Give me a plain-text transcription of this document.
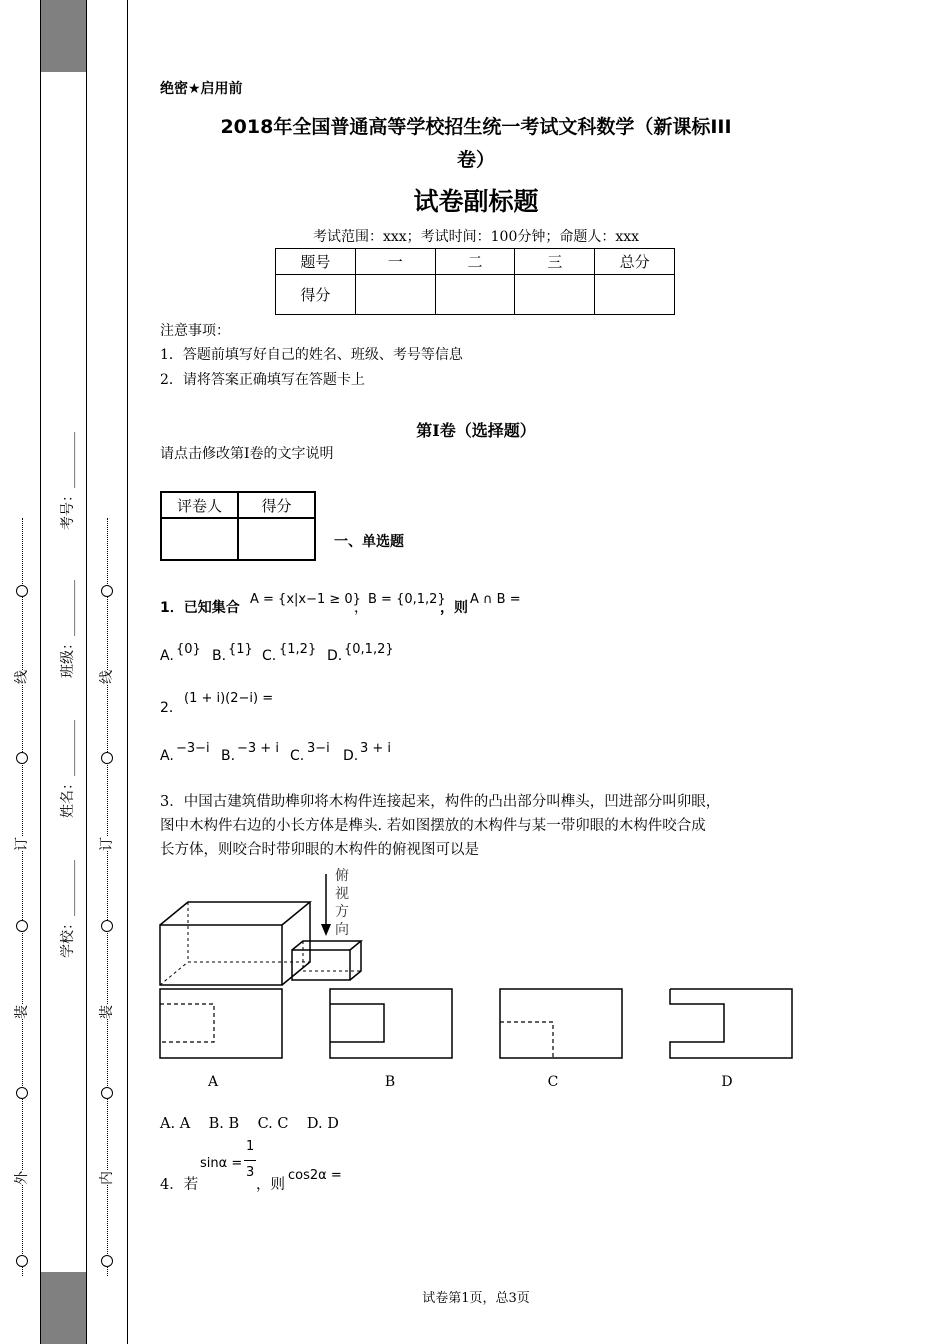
线
订
装
外
线
订
装
内
学校：________
姓名：________
班级：________
考号：________
绝密★启用前
2018年全国普通高等学校招生统一考试文科数学（新课标III
卷）
试卷副标题
考试范围：xxx；考试时间：100分钟；命题人：xxx
题号	一	二	三	总分
得分				
注意事项：
1．答题前填写好自己的姓名、班级、考号等信息
2．请将答案正确填写在答题卡上
第I卷（选择题）
请点击修改第I卷的文字说明
评卷人	得分

一、单选题
1．已知集合
A = {x|x−1 ≥ 0}
，
B = {0,1,2}
，则
A ∩ B =
A. {0} B. {1} C. {1,2} D. {0,1,2}
2．
(1 + i)(2−i) =
A. −3−i B. −3 + i C. 3−i D. 3 + i
3．中国古建筑借助榫卯将木构件连接起来，构件的凸出部分叫榫头，凹进部分叫卯眼，
图中木构件右边的小长方体是榫头. 若如图摆放的木构件与某一带卯眼的木构件咬合成
长方体，则咬合时带卯眼的木构件的俯视图可以是
俯
视
方
向
A	B	C	D
A. A    B. B    C. C    D. D
4．若
sinα =
1
3
，则
cos2α =
试卷第1页，总3页
